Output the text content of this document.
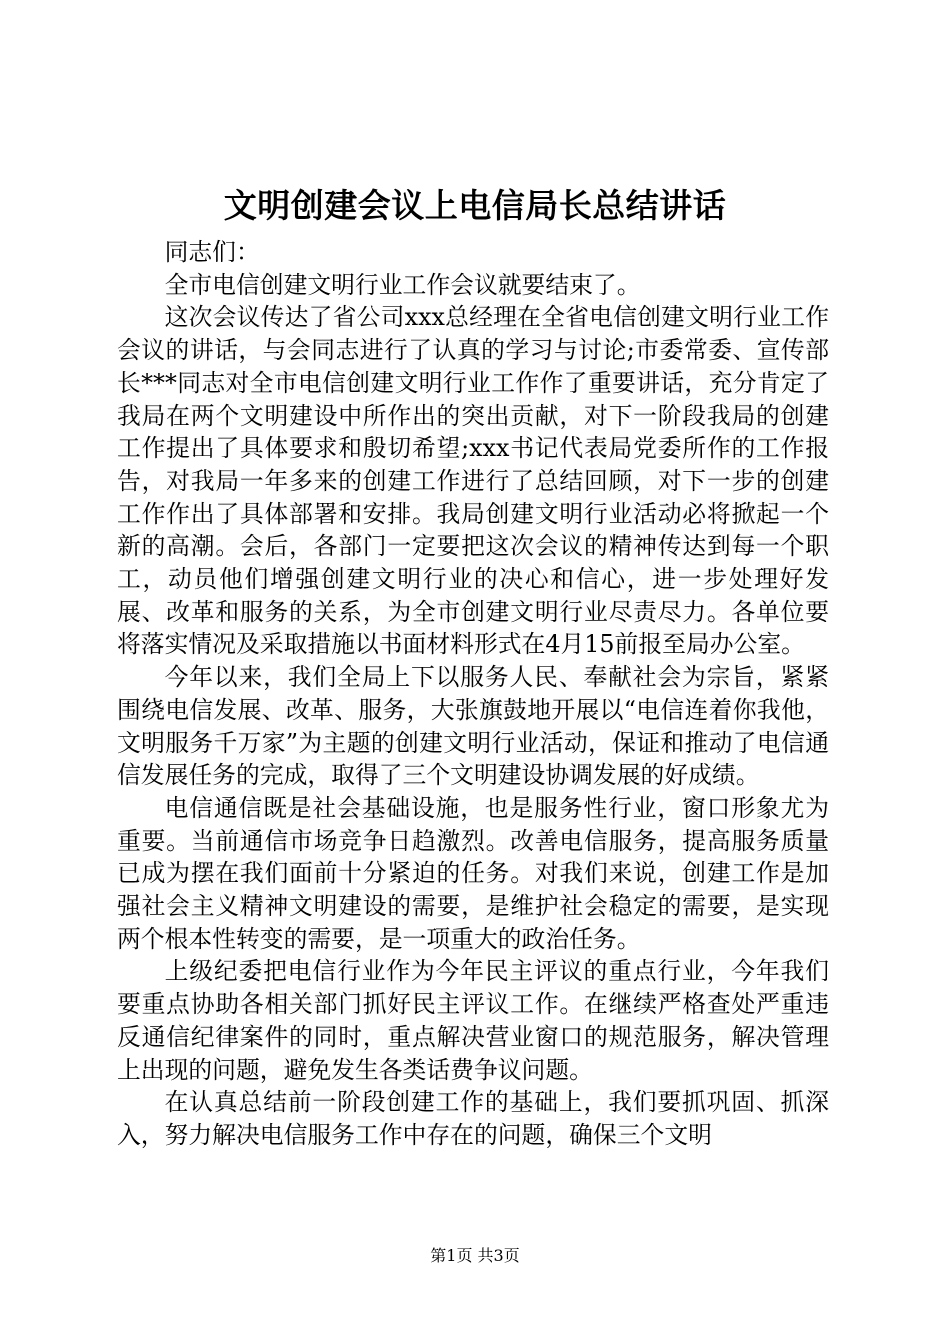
文明创建会议上电信局长总结讲话

同志们：

全市电信创建文明行业工作会议就要结束了。

这次会议传达了省公司xxx总经理在全省电信创建文明行业工作会议的讲话，与会同志进行了认真的学习与讨论;市委常委、宣传部长***同志对全市电信创建文明行业工作作了重要讲话，充分肯定了我局在两个文明建设中所作出的突出贡献，对下一阶段我局的创建工作提出了具体要求和殷切希望;xxx书记代表局党委所作的工作报告，对我局一年多来的创建工作进行了总结回顾，对下一步的创建工作作出了具体部署和安排。我局创建文明行业活动必将掀起一个新的高潮。会后，各部门一定要把这次会议的精神传达到每一个职工，动员他们增强创建文明行业的决心和信心，进一步处理好发展、改革和服务的关系，为全市创建文明行业尽责尽力。各单位要将落实情况及采取措施以书面材料形式在4月15前报至局办公室。

今年以来，我们全局上下以服务人民、奉献社会为宗旨，紧紧围绕电信发展、改革、服务，大张旗鼓地开展以“电信连着你我他，文明服务千万家”为主题的创建文明行业活动，保证和推动了电信通信发展任务的完成，取得了三个文明建设协调发展的好成绩。

电信通信既是社会基础设施，也是服务性行业，窗口形象尤为重要。当前通信市场竞争日趋激烈。改善电信服务，提高服务质量已成为摆在我们面前十分紧迫的任务。对我们来说，创建工作是加强社会主义精神文明建设的需要，是维护社会稳定的需要，是实现两个根本性转变的需要，是一项重大的政治任务。

上级纪委把电信行业作为今年民主评议的重点行业，今年我们要重点协助各相关部门抓好民主评议工作。在继续严格查处严重违反通信纪律案件的同时，重点解决营业窗口的规范服务，解决管理上出现的问题，避免发生各类话费争议问题。

在认真总结前一阶段创建工作的基础上，我们要抓巩固、抓深入，努力解决电信服务工作中存在的问题，确保三个文明

第1页 共3页
